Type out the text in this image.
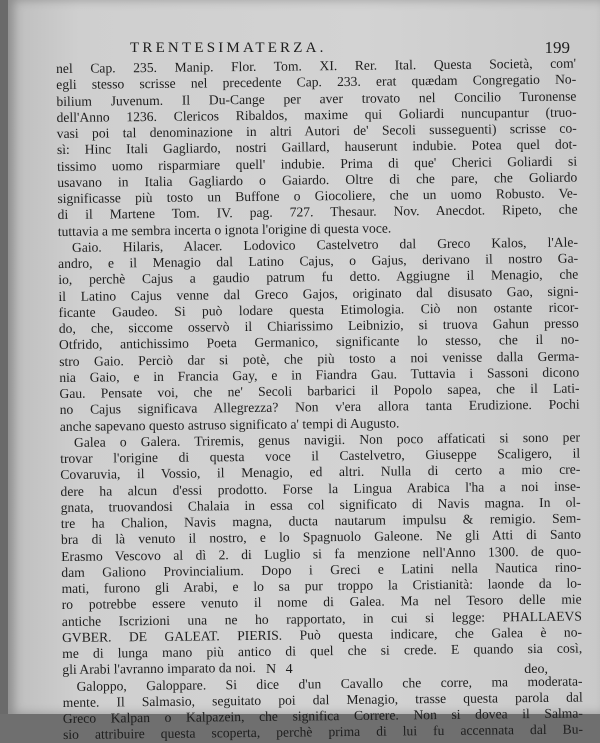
TRENTESIMATERZA.	199
nel Cap. 235. Manip. Flor. Tom. XI. Rer. Ital. Questa Società, com'
egli stesso scrisse nel precedente Cap. 233. erat quædam Congregatio No-
bilium Juvenum. Il Du-Cange per aver trovato nel Concilio Turonense
dell'Anno 1236. Clericos Ribaldos, maxime qui Goliardi nuncupantur (truo-
vasi poi tal denominazione in altri Autori de' Secoli susseguenti) scrisse co-
sì: Hinc Itali Gagliardo, nostri Gaillard, hauserunt indubie. Potea quel dot-
tissimo uomo risparmiare quell' indubie. Prima di que' Cherici Goliardi si
usavano in Italia Gagliardo o Gaiardo. Oltre di che pare, che Goliardo
significasse più tosto un Buffone o Giocoliere, che un uomo Robusto. Ve-
di il Martene Tom. IV. pag. 727. Thesaur. Nov. Anecdot. Ripeto, che
tuttavia a me sembra incerta o ignota l'origine di questa voce.
Gaio. Hilaris, Alacer. Lodovico Castelvetro dal Greco Kalos, l'Ale-
andro, e il Menagio dal Latino Cajus, o Gajus, derivano il nostro Ga-
io, perchè Cajus a gaudio patrum fu detto. Aggiugne il Menagio, che
il Latino Cajus venne dal Greco Gajos, originato dal disusato Gao, signi-
ficante Gaudeo. Si può lodare questa Etimologia. Ciò non ostante ricor-
do, che, siccome osservò il Chiarissimo Leibnizio, si truova Gahun presso
Otfrido, antichissimo Poeta Germanico, significante lo stesso, che il no-
stro Gaio. Perciò dar si potè, che più tosto a noi venisse dalla Germa-
nia Gaio, e in Francia Gay, e in Fiandra Gau. Tuttavia i Sassoni dicono
Gau. Pensate voi, che ne' Secoli barbarici il Popolo sapea, che il Lati-
no Cajus significava Allegrezza? Non v'era allora tanta Erudizione. Pochi
anche sapevano questo astruso significato a' tempi di Augusto.
Galea o Galera. Triremis, genus navigii. Non poco affaticati si sono per
trovar l'origine di questa voce il Castelvetro, Giuseppe Scaligero, il
Covaruvia, il Vossio, il Menagio, ed altri. Nulla di certo a mio cre-
dere ha alcun d'essi prodotto. Forse la Lingua Arabica l'ha a noi inse-
gnata, truovandosi Chalaia in essa col significato di Navis magna. In ol-
tre ha Chalion, Navis magna, ducta nautarum impulsu & remigio. Sem-
bra di là venuto il nostro, e lo Spagnuolo Galeone. Ne gli Atti di Santo
Erasmo Vescovo al dì 2. di Luglio si fa menzione nell'Anno 1300. de quo-
dam Galiono Provincialium. Dopo i Greci e Latini nella Nautica rino-
mati, furono gli Arabi, e lo sa pur troppo la Cristianità: laonde da lo-
ro potrebbe essere venuto il nome di Galea. Ma nel Tesoro delle mie
antiche Iscrizioni una ne ho rapportato, in cui si legge: PHALLAEVS
GVBER. DE GALEAT. PIERIS. Può questa indicare, che Galea è no-
me di lunga mano più antico di quel che si crede. E quando sia così,
gli Arabi l'avranno imparato da noi.
Galoppo, Galoppare. Si dice d'un Cavallo che corre, ma moderata-
mente. Il Salmasio, seguitato poi dal Menagio, trasse questa parola dal
Greco Kalpan o Kalpazein, che significa Correre. Non si dovea il Salma-
sio attribuire questa scoperta, perchè prima di lui fu accennata dal Bu-
N 4	deo,
